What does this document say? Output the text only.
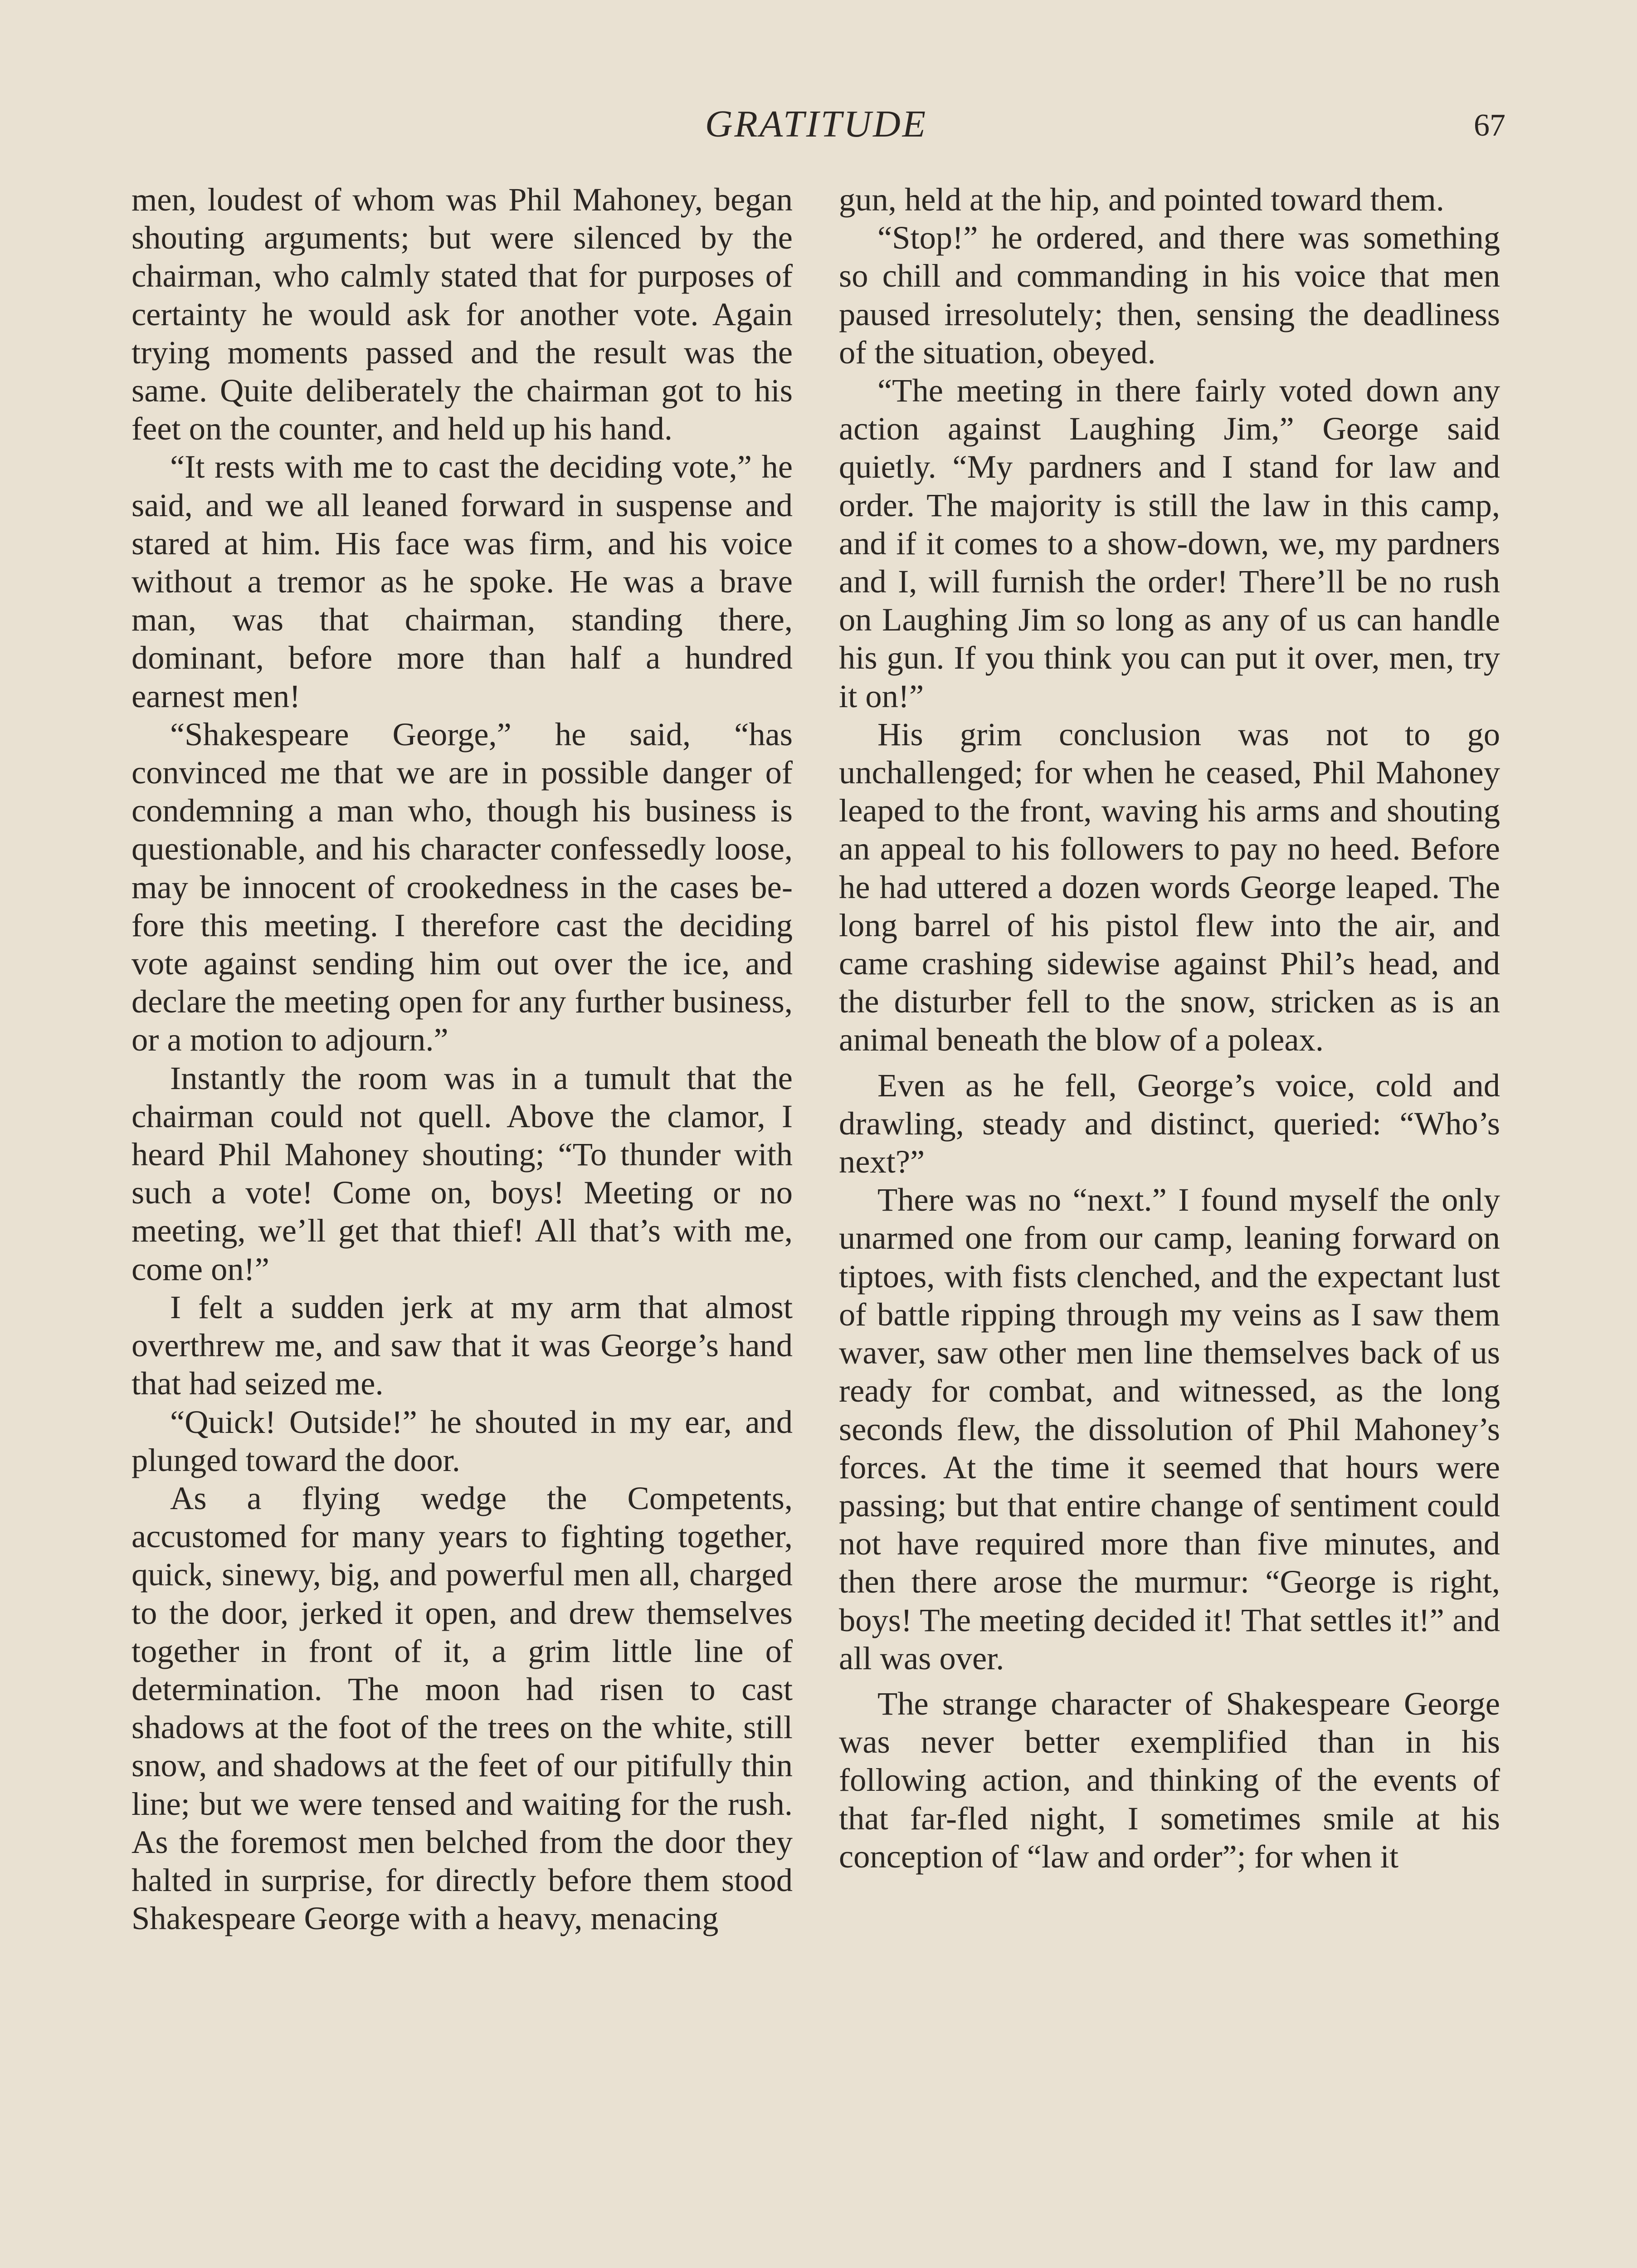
GRATITUDE	67

men, loudest of whom was Phil Mahoney, began shouting arguments; but were silenced by the chairman, who calmly stated that for purposes of certainty he would ask for another vote. Again trying moments passed and the result was the same. Quite deliberately the chairman got to his feet on the counter, and held up his hand.

“It rests with me to cast the deciding vote,” he said, and we all leaned forward in suspense and stared at him. His face was firm, and his voice without a tremor as he spoke. He was a brave man, was that chairman, standing there, dominant, before more than half a hundred earnest men!

“Shakespeare George,” he said, “has convinced me that we are in possible danger of condemning a man who, though his business is questionable, and his character confessedly loose, may be innocent of crookedness in the cases before this meeting. I therefore cast the deciding vote against sending him out over the ice, and declare the meeting open for any further business, or a motion to adjourn.”

Instantly the room was in a tumult that the chairman could not quell. Above the clamor, I heard Phil Mahoney shouting; “To thunder with such a vote! Come on, boys! Meeting or no meeting, we’ll get that thief! All that’s with me, come on!”

I felt a sudden jerk at my arm that almost overthrew me, and saw that it was George’s hand that had seized me.

“Quick! Outside!” he shouted in my ear, and plunged toward the door.

As a flying wedge the Competents, accustomed for many years to fighting together, quick, sinewy, big, and powerful men all, charged to the door, jerked it open, and drew themselves together in front of it, a grim little line of determination. The moon had risen to cast shadows at the foot of the trees on the white, still snow, and shadows at the feet of our pitifully thin line; but we were tensed and waiting for the rush. As the foremost men belched from the door they halted in surprise, for directly before them stood Shakespeare George with a heavy, menacing

gun, held at the hip, and pointed toward them.

“Stop!” he ordered, and there was something so chill and commanding in his voice that men paused irresolutely; then, sensing the deadliness of the situation, obeyed.

“The meeting in there fairly voted down any action against Laughing Jim,” George said quietly. “My pardners and I stand for law and order. The majority is still the law in this camp, and if it comes to a show-down, we, my pardners and I, will furnish the order! There’ll be no rush on Laughing Jim so long as any of us can handle his gun. If you think you can put it over, men, try it on!”

His grim conclusion was not to go unchallenged; for when he ceased, Phil Mahoney leaped to the front, waving his arms and shouting an appeal to his followers to pay no heed. Before he had uttered a dozen words George leaped. The long barrel of his pistol flew into the air, and came crashing sidewise against Phil’s head, and the disturber fell to the snow, stricken as is an animal beneath the blow of a poleax.

Even as he fell, George’s voice, cold and drawling, steady and distinct, queried: “Who’s next?”

There was no “next.” I found myself the only unarmed one from our camp, leaning forward on tiptoes, with fists clenched, and the expectant lust of battle ripping through my veins as I saw them waver, saw other men line themselves back of us ready for combat, and witnessed, as the long seconds flew, the dissolution of Phil Mahoney’s forces. At the time it seemed that hours were passing; but that entire change of sentiment could not have required more than five minutes, and then there arose the murmur: “George is right, boys! The meeting decided it! That settles it!” and all was over.

The strange character of Shakespeare George was never better exemplified than in his following action, and thinking of the events of that far-fled night, I sometimes smile at his conception of “law and order”; for when it
